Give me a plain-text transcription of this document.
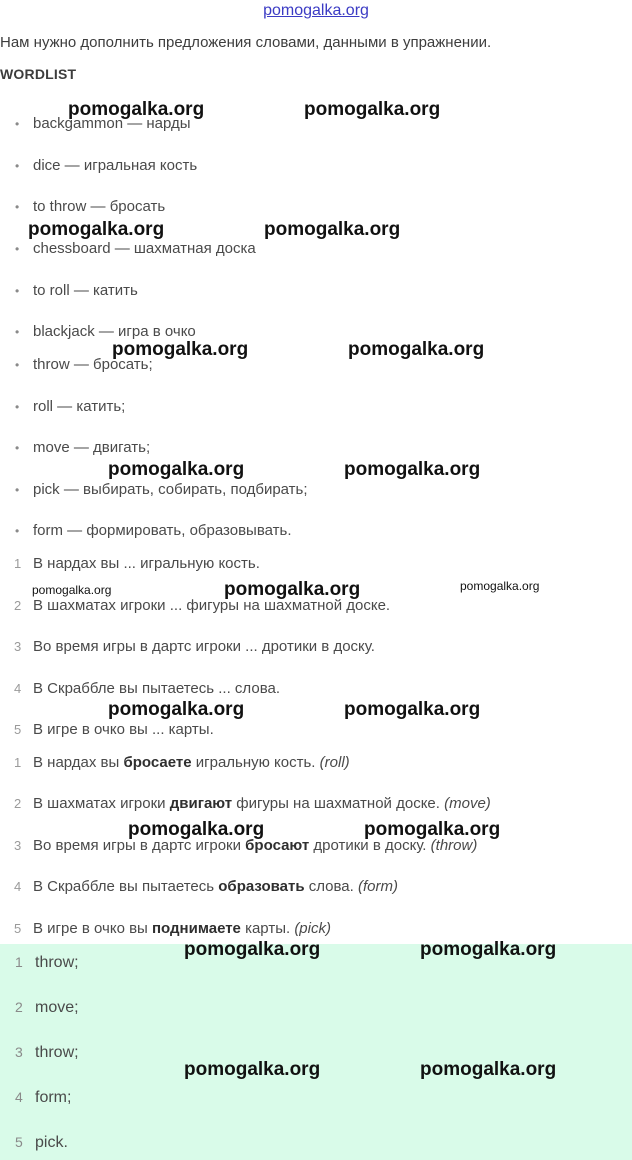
pomogalka.org
Нам нужно дополнить предложения словами, данными в упражнении.
WORDLIST
• backgammon — нарды
• dice — игральная кость
• to throw — бросать
• chessboard — шахматная доска
• to roll — катить
• blackjack — игра в очко
• throw — бросать;
• roll — катить;
• move — двигать;
• pick — выбирать, собирать, подбирать;
• form — формировать, образовывать.
1 В нардах вы ... игральную кость.
2 В шахматах игроки ... фигуры на шахматной доске.
3 Во время игры в дартс игроки ... дротики в доску.
4 В Скраббле вы пытаетесь ... слова.
5 В игре в очко вы ... карты.
1 В нардах вы бросаете игральную кость. (roll)
2 В шахматах игроки двигают фигуры на шахматной доске. (move)
3 Во время игры в дартс игроки бросают дротики в доску. (throw)
4 В Скраббле вы пытаетесь образовать слова. (form)
5 В игре в очко вы поднимаете карты. (pick)
1 throw;
2 move;
3 throw;
4 form;
5 pick.
pomogalka.org	pomogalka.org
pomogalka.org	pomogalka.org
pomogalka.org	pomogalka.org
pomogalka.org	pomogalka.org
pomogalka.org	pomogalka.org	pomogalka.org
pomogalka.org	pomogalka.org
pomogalka.org	pomogalka.org
pomogalka.org	pomogalka.org
pomogalka.org	pomogalka.org
